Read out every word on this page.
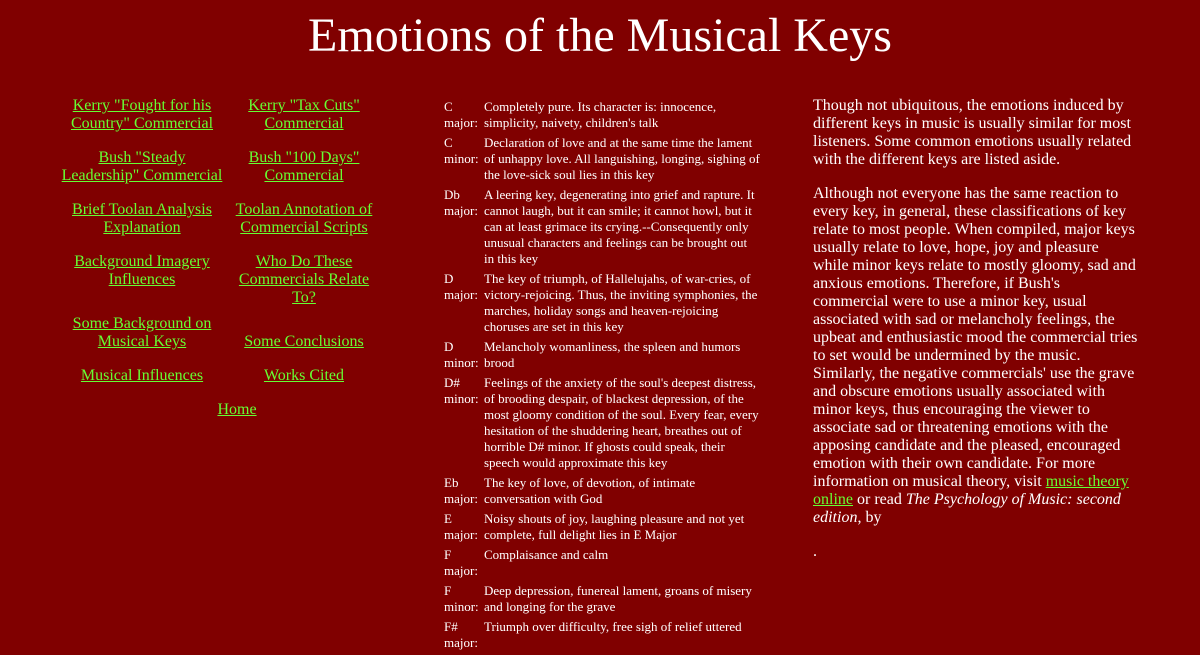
Emotions of the Musical Keys
Kerry "Fought for his Country" Commercial
Kerry "Tax Cuts" Commercial
Bush "Steady Leadership" Commercial
Bush "100 Days" Commercial
Brief Toolan Analysis Explanation
Toolan Annotation of Commercial Scripts
Background Imagery Influences
Who Do These Commercials Relate To?
Some Background on Musical Keys	Some Conclusions
Musical Influences	Works Cited
Home
C major:
Completely pure. Its character is: innocence, simplicity, naivety, children's talk
C minor:
Declaration of love and at the same time the lament of unhappy love. All languishing, longing, sighing of the love-sick soul lies in this key
Db major:
A leering key, degenerating into grief and rapture. It cannot laugh, but it can smile; it cannot howl, but it can at least grimace its crying.--Consequently only unusual characters and feelings can be brought out in this key
D major:
The key of triumph, of Hallelujahs, of war-cries, of victory-rejoicing. Thus, the inviting symphonies, the marches, holiday songs and heaven-rejoicing choruses are set in this key
D minor:
Melancholy womanliness, the spleen and humors brood
D# minor:
Feelings of the anxiety of the soul's deepest distress, of brooding despair, of blackest depression, of the most gloomy condition of the soul. Every fear, every hesitation of the shuddering heart, breathes out of horrible D# minor. If ghosts could speak, their speech would approximate this key
Eb major:
The key of love, of devotion, of intimate conversation with God
E major:
Noisy shouts of joy, laughing pleasure and not yet complete, full delight lies in E Major
F major:
Complaisance and calm
F minor:
Deep depression, funereal lament, groans of misery and longing for the grave
F# major:
Triumph over difficulty, free sigh of relief uttered

Though not ubiquitous, the emotions induced by different keys in music is usually similar for most listeners. Some common emotions usually related with the different keys are listed aside.

Although not everyone has the same reaction to every key, in general, these classifications of key relate to most people. When compiled, major keys usually relate to love, hope, joy and pleasure while minor keys relate to mostly gloomy, sad and anxious emotions. Therefore, if Bush's commercial were to use a minor key, usual associated with sad or melancholy feelings, the upbeat and enthusiastic mood the commercial tries to set would be undermined by the music. Similarly, the negative commercials' use the grave and obscure emotions usually associated with minor keys, thus encouraging the viewer to associate sad or threatening emotions with the apposing candidate and the pleased, encouraged emotion with their own candidate. For more information on musical theory, visit music theory online or read The Psychology of Music: second edition, by

.
